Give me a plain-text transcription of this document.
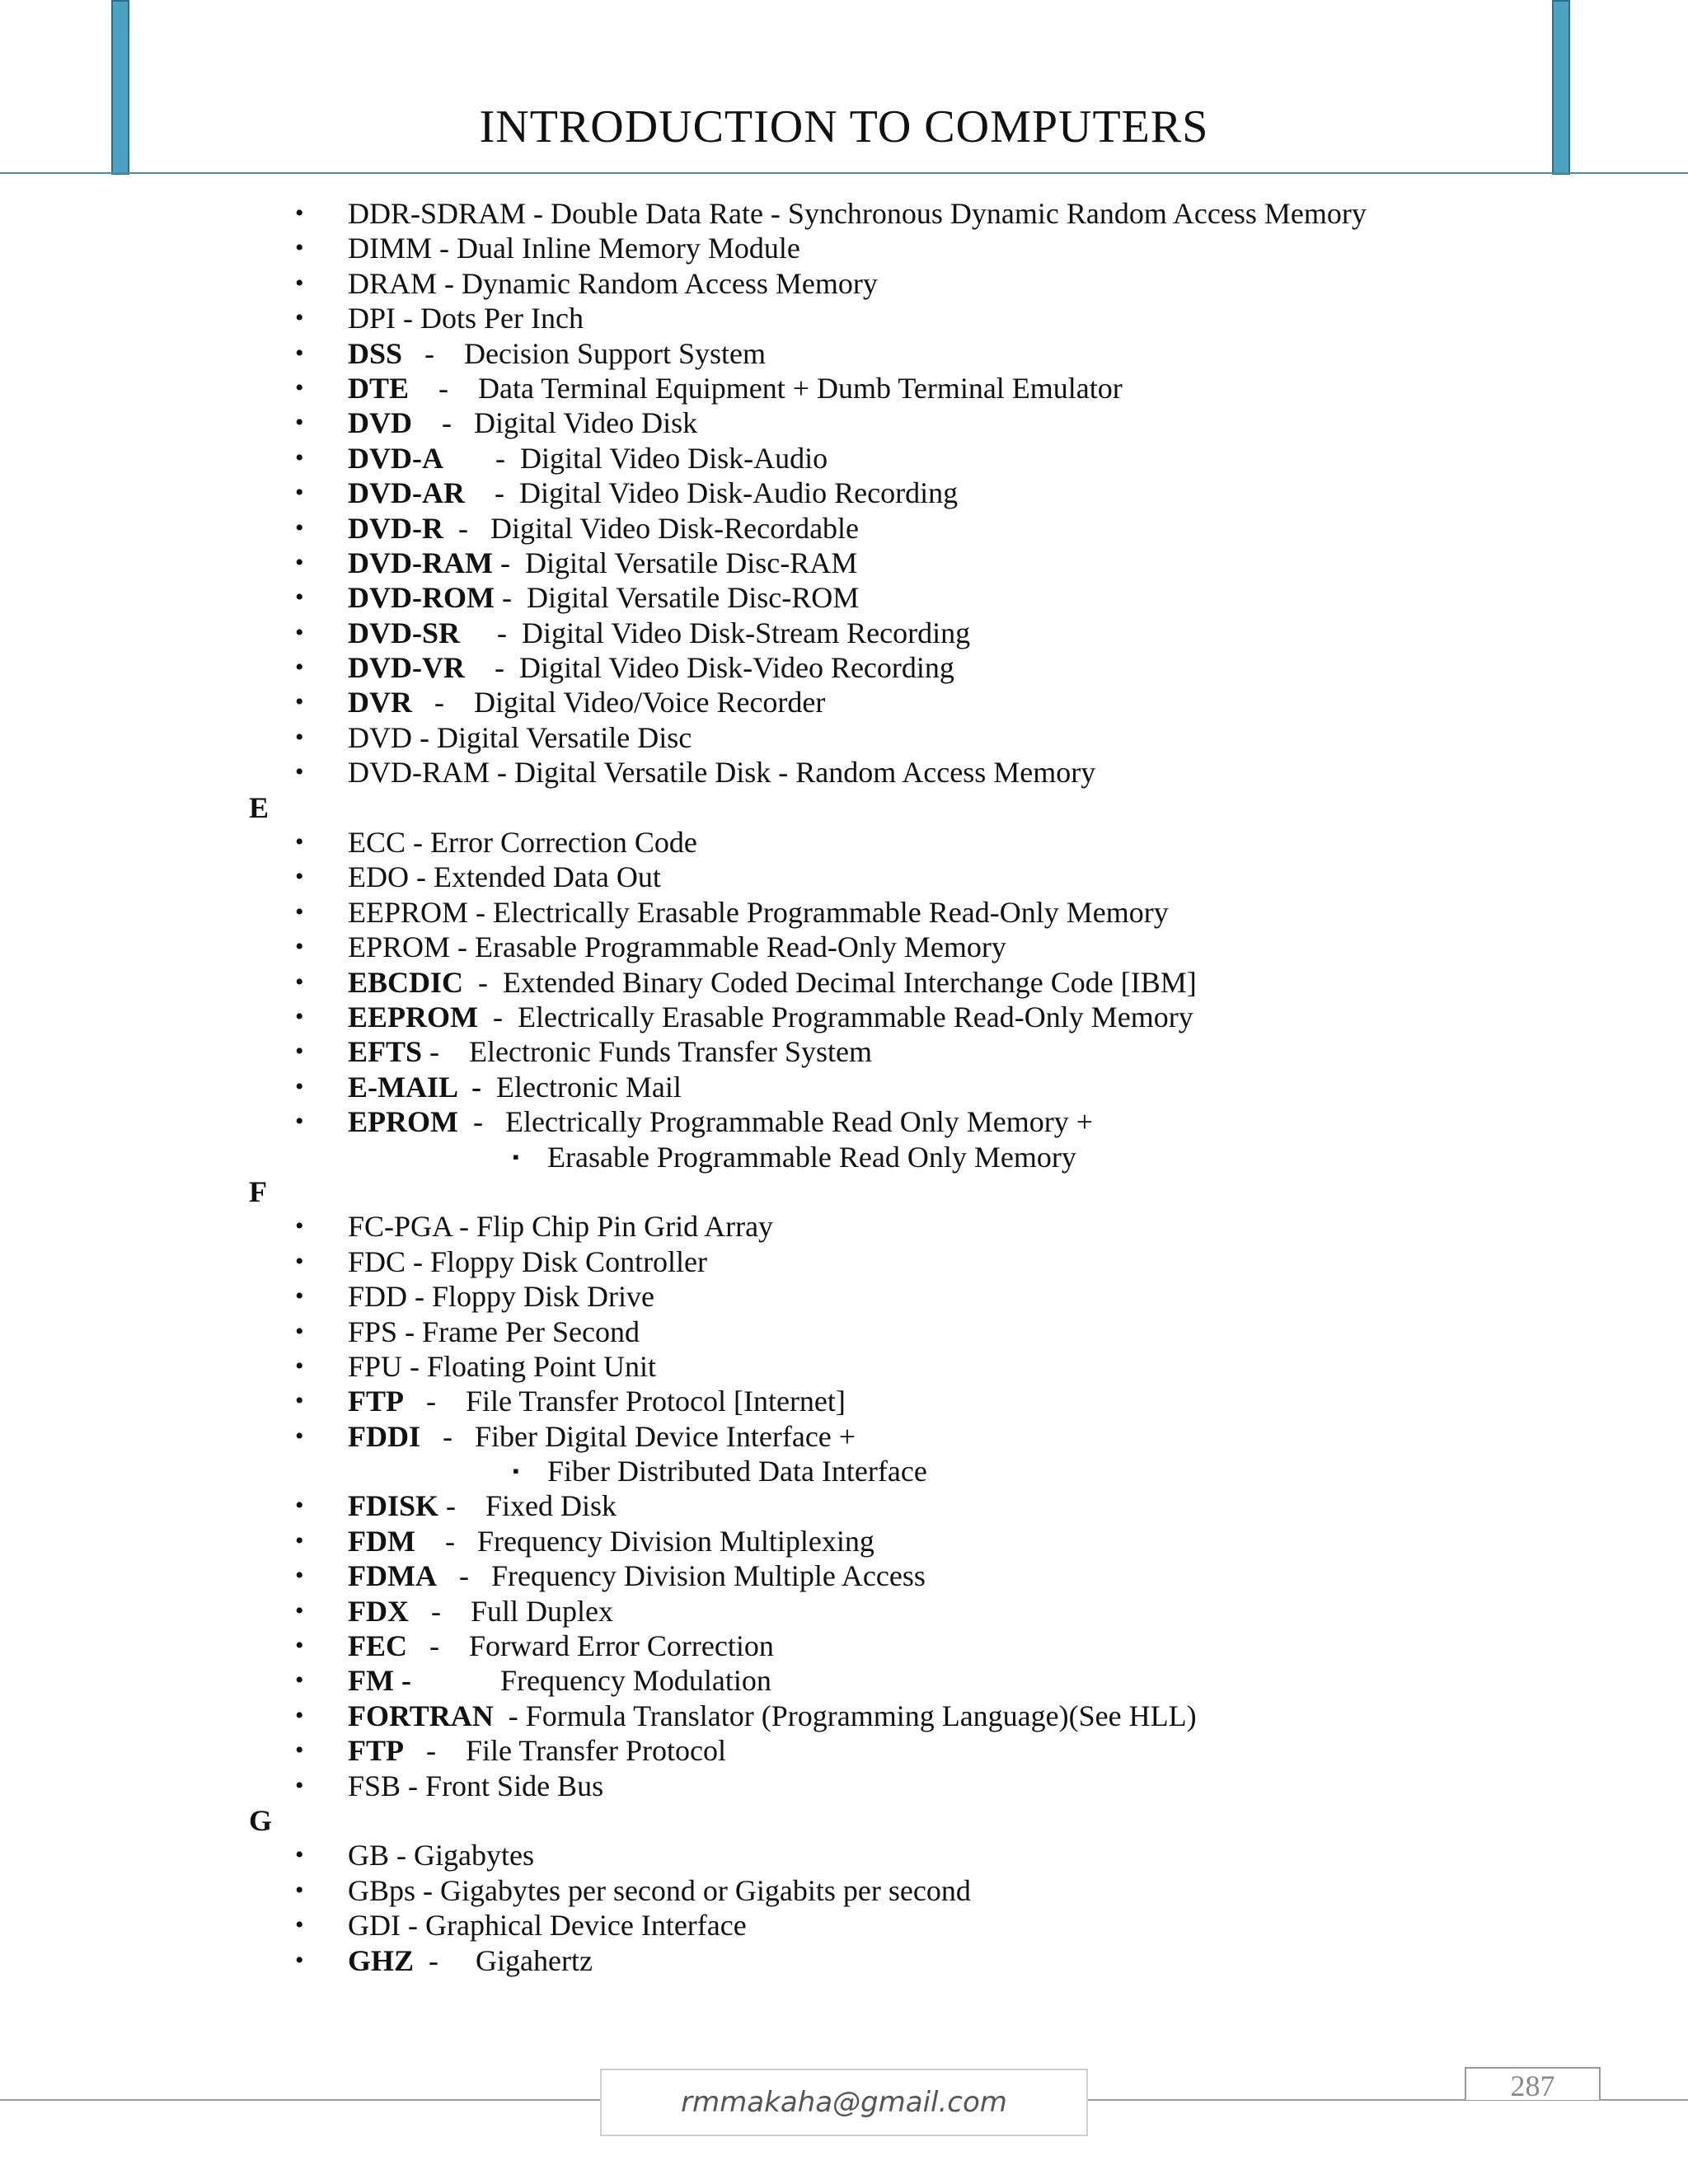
INTRODUCTION TO COMPUTERS
• DDR-SDRAM - Double Data Rate - Synchronous Dynamic Random Access Memory
• DIMM - Dual Inline Memory Module
• DRAM - Dynamic Random Access Memory
• DPI - Dots Per Inch
• DSS   -    Decision Support System
• DTE    -    Data Terminal Equipment + Dumb Terminal Emulator
• DVD    -   Digital Video Disk
• DVD-A       -  Digital Video Disk-Audio
• DVD-AR    -  Digital Video Disk-Audio Recording
• DVD-R  -   Digital Video Disk-Recordable
• DVD-RAM -  Digital Versatile Disc-RAM
• DVD-ROM -  Digital Versatile Disc-ROM
• DVD-SR     -  Digital Video Disk-Stream Recording
• DVD-VR    -  Digital Video Disk-Video Recording
• DVR   -    Digital Video/Voice Recorder
• DVD - Digital Versatile Disc
• DVD-RAM - Digital Versatile Disk - Random Access Memory
E
• ECC - Error Correction Code
• EDO - Extended Data Out
• EEPROM - Electrically Erasable Programmable Read-Only Memory
• EPROM - Erasable Programmable Read-Only Memory
• EBCDIC  -  Extended Binary Coded Decimal Interchange Code [IBM]
• EEPROM  -  Electrically Erasable Programmable Read-Only Memory
• EFTS -    Electronic Funds Transfer System
• E-MAIL  -  Electronic Mail
• EPROM  -   Electrically Programmable Read Only Memory +
▪ Erasable Programmable Read Only Memory
F
• FC-PGA - Flip Chip Pin Grid Array
• FDC - Floppy Disk Controller
• FDD - Floppy Disk Drive
• FPS - Frame Per Second
• FPU - Floating Point Unit
• FTP   -    File Transfer Protocol [Internet]
• FDDI   -   Fiber Digital Device Interface +
▪ Fiber Distributed Data Interface
• FDISK -    Fixed Disk
• FDM    -   Frequency Division Multiplexing
• FDMA   -   Frequency Division Multiple Access
• FDX   -    Full Duplex
• FEC   -    Forward Error Correction
• FM -            Frequency Modulation
• FORTRAN  - Formula Translator (Programming Language)(See HLL)
• FTP   -    File Transfer Protocol
• FSB - Front Side Bus
G
• GB - Gigabytes
• GBps - Gigabytes per second or Gigabits per second
• GDI - Graphical Device Interface
• GHZ  -     Gigahertz
rmmakaha@gmail.com	287
